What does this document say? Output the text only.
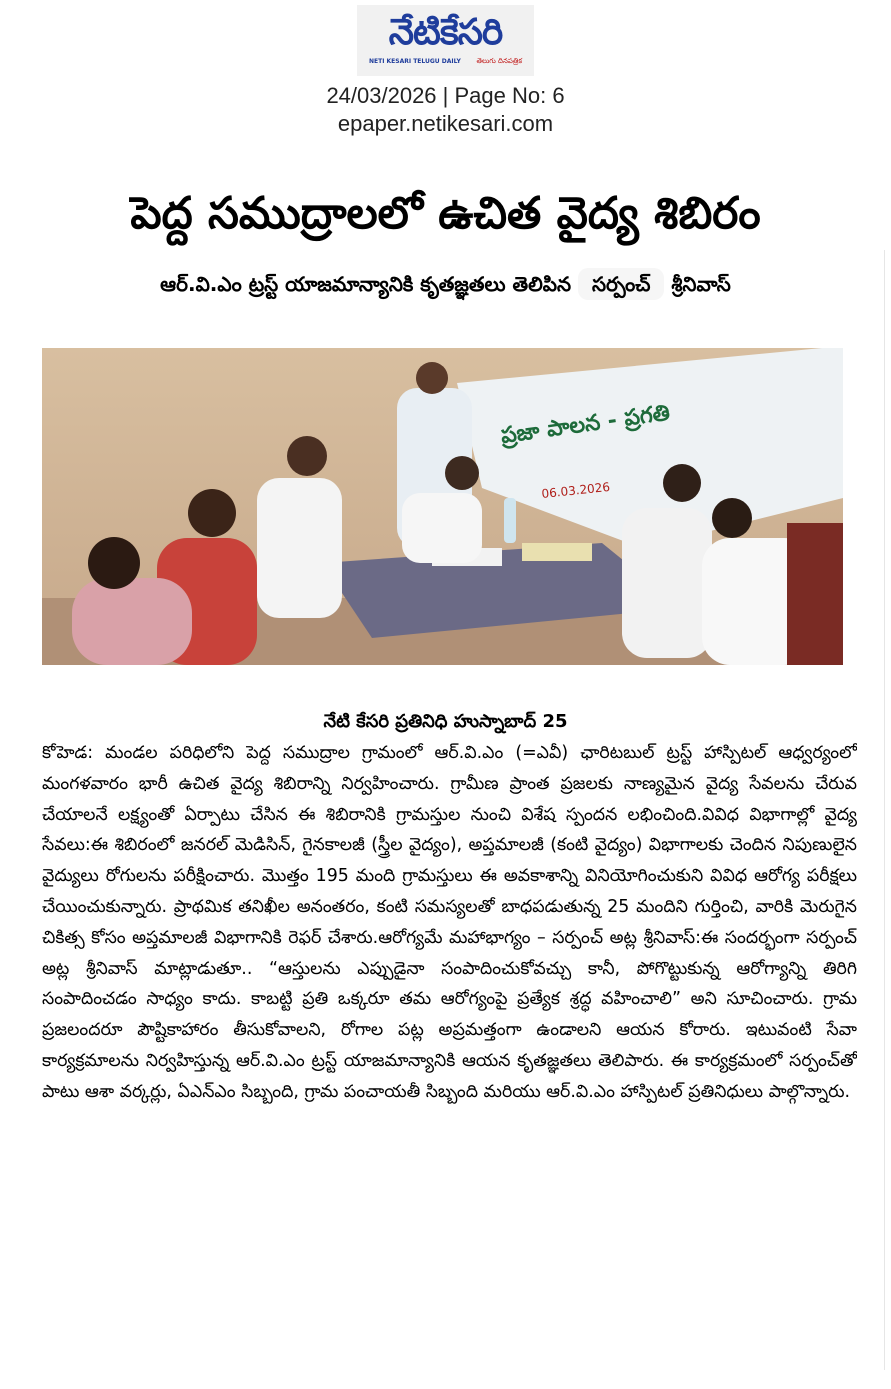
నేటికేసరి
NETI KESARI TELUGU DAILY తెలుగు దినపత్రిక
24/03/2026 | Page No: 6
epaper.netikesari.com
పెద్ద సముద్రాలలో ఉచిత వైద్య శిబిరం
ఆర్.వి.ఎం ట్రస్ట్ యాజమాన్యానికి కృతజ్ఞతలు తెలిపిన సర్పంచ్ శ్రీనివాస్
ప్రజా పాలన - ప్రగతి
06.03.2026
నేటి కేసరి ప్రతినిధి హుస్నాబాద్ 25

కోహెడ: మండల పరిధిలోని పెద్ద సముద్రాల గ్రామంలో ఆర్.వి.ఎం (=ఎవీ) ఛారిటబుల్ ట్రస్ట్ హాస్పిటల్ ఆధ్వర్యంలో మంగళవారం భారీ ఉచిత వైద్య శిబిరాన్ని నిర్వహించారు. గ్రామీణ ప్రాంత ప్రజలకు నాణ్యమైన వైద్య సేవలను చేరువ చేయాలనే లక్ష్యంతో ఏర్పాటు చేసిన ఈ శిబిరానికి గ్రామస్తుల నుంచి విశేష స్పందన లభించింది.వివిధ విభాగాల్లో వైద్య సేవలు:ఈ శిబిరంలో జనరల్ మెడిసిన్, గైనకాలజీ (స్త్రీల వైద్యం), అప్తమాలజీ (కంటి వైద్యం) విభాగాలకు చెందిన నిపుణులైన వైద్యులు రోగులను పరీక్షించారు. మొత్తం 195 మంది గ్రామస్తులు ఈ అవకాశాన్ని వినియోగించుకుని వివిధ ఆరోగ్య పరీక్షలు చేయించుకున్నారు. ప్రాథమిక తనిఖీల అనంతరం, కంటి సమస్యలతో బాధపడుతున్న 25 మందిని గుర్తించి, వారికి మెరుగైన చికిత్స కోసం అప్తమాలజీ విభాగానికి రెఫర్ చేశారు.ఆరోగ్యమే మహాభాగ్యం – సర్పంచ్ అట్ల శ్రీనివాస్:ఈ సందర్భంగా సర్పంచ్ అట్ల శ్రీనివాస్ మాట్లాడుతూ.. “ఆస్తులను ఎప్పుడైనా సంపాదించుకోవచ్చు కానీ, పోగొట్టుకున్న ఆరోగ్యాన్ని తిరిగి సంపాదించడం సాధ్యం కాదు. కాబట్టి ప్రతి ఒక్కరూ తమ ఆరోగ్యంపై ప్రత్యేక శ్రద్ధ వహించాలి” అని సూచించారు. గ్రామ ప్రజలందరూ పౌష్టికాహారం తీసుకోవాలని, రోగాల పట్ల అప్రమత్తంగా ఉండాలని ఆయన కోరారు. ఇటువంటి సేవా కార్యక్రమాలను నిర్వహిస్తున్న ఆర్.వి.ఎం ట్రస్ట్ యాజమాన్యానికి ఆయన కృతజ్ఞతలు తెలిపారు. ఈ కార్యక్రమంలో సర్పంచ్‌తో పాటు ఆశా వర్కర్లు, ఏఎన్ఎం సిబ్బంది, గ్రామ పంచాయతీ సిబ్బంది మరియు ఆర్.వి.ఎం హాస్పిటల్ ప్రతినిధులు పాల్గొన్నారు.
